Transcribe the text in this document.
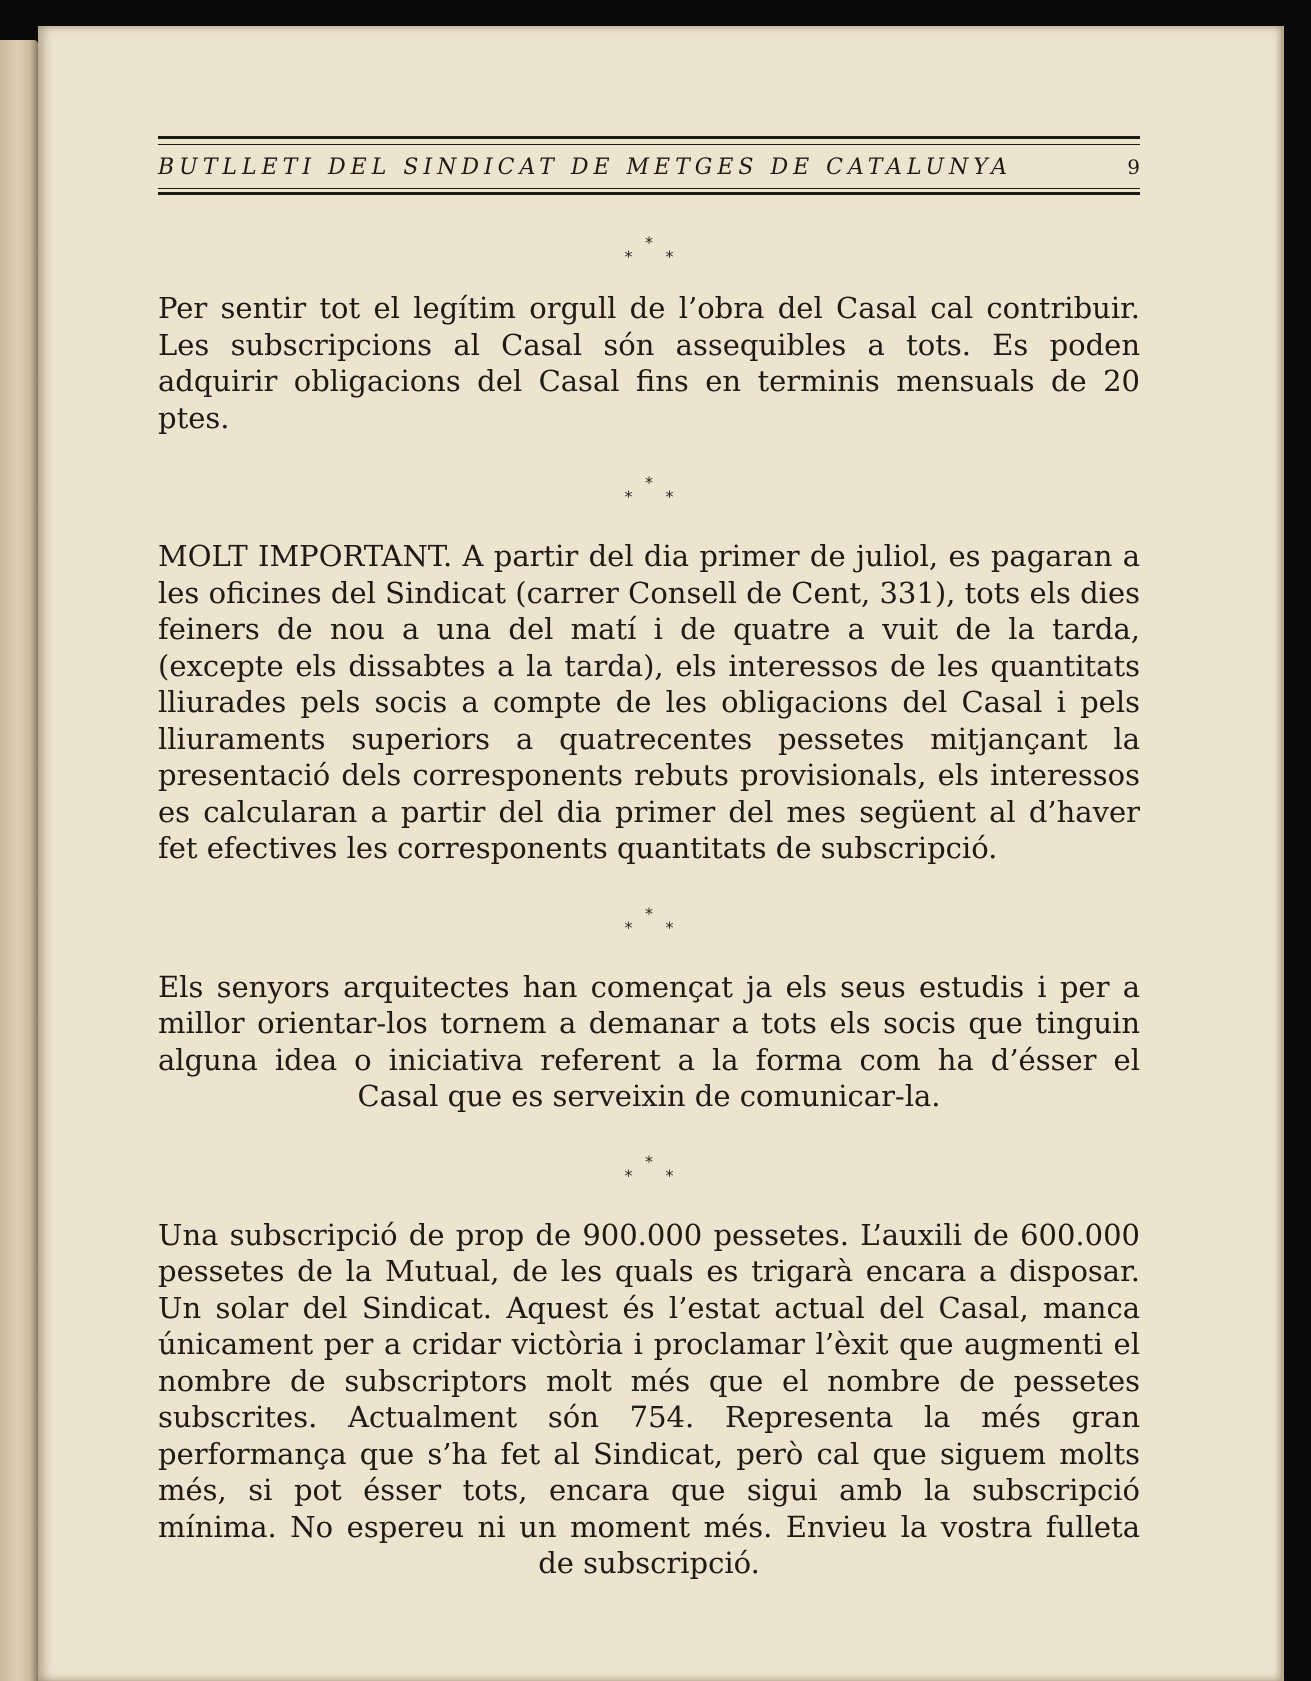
BUTLLETI DEL SINDICAT DE METGES DE CATALUNYA	9
*
* *

Per sentir tot el legítim orgull de l’obra del Casal cal contribuir. Les subscripcions al Casal són assequibles a tots. Es poden adquirir obligacions del Casal fins en terminis mensuals de 20 ptes.

*
* *

MOLT IMPORTANT. A partir del dia primer de juliol, es pagaran a les oficines del Sindicat (carrer Consell de Cent, 331), tots els dies feiners de nou a una del matí i de quatre a vuit de la tarda, (excepte els dissabtes a la tarda), els interessos de les quantitats lliurades pels socis a compte de les obligacions del Casal i pels lliuraments superiors a quatrecentes pessetes mitjançant la presentació dels corresponents rebuts provisionals, els interessos es calcularan a partir del dia primer del mes següent al d’haver fet efectives les corresponents quantitats de subscripció.

*
* *

Els senyors arquitectes han començat ja els seus estudis i per a millor orientar-los tornem a demanar a tots els socis que tinguin alguna idea o iniciativa referent a la forma com ha d’ésser el Casal que es serveixin de comunicar-la.

*
* *

Una subscripció de prop de 900.000 pessetes. L’auxili de 600.000 pessetes de la Mutual, de les quals es trigarà encara a disposar. Un solar del Sindicat. Aquest és l’estat actual del Casal, manca únicament per a cridar victòria i proclamar l’èxit que augmenti el nombre de subscriptors molt més que el nombre de pessetes subscrites. Actualment són 754. Representa la més gran performança que s’ha fet al Sindicat, però cal que siguem molts més, si pot ésser tots, encara que sigui amb la subscripció mínima. No espereu ni un moment més. Envieu la vostra fulleta de subscripció.
